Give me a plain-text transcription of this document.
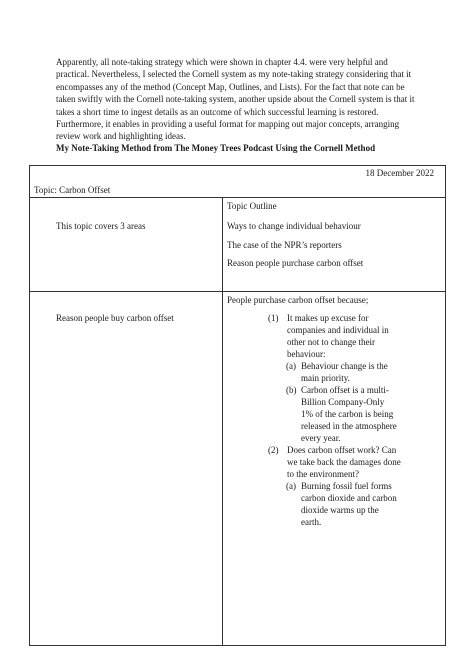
Apparently, all note-taking strategy which were shown in chapter 4.4. were very helpful and practical. Nevertheless, I selected the Cornell system as my note-taking strategy considering that it encompasses any of the method (Concept Map, Outlines, and Lists). For the fact that note can be taken swiftly with the Cornell note-taking system, another upside about the Cornell system is that it takes a short time to ingest details as an outcome of which successful learning is restored. Furthermore, it enables in providing a useful format for mapping out major concepts, arranging review work and highlighting ideas.

My Note-Taking Method from The Money Trees Podcast Using the Cornell Method

18 December 2022
Topic: Carbon Offset
This topic covers 3 areas
Topic Outline
Ways to change individual behaviour
The case of the NPR’s reporters
Reason people purchase carbon offset
Reason people buy carbon offset
People purchase carbon offset because;
(1) It makes up excuse for companies and individual in other not to change their behaviour:
(a) Behaviour change is the main priority.
(b) Carbon offset is a multi-Billion Company-Only 1% of the carbon is being released in the atmosphere every year.
(2) Does carbon offset work? Can we take back the damages done to the environment?
(a) Burning fossil fuel forms carbon dioxide and carbon dioxide warms up the earth.
